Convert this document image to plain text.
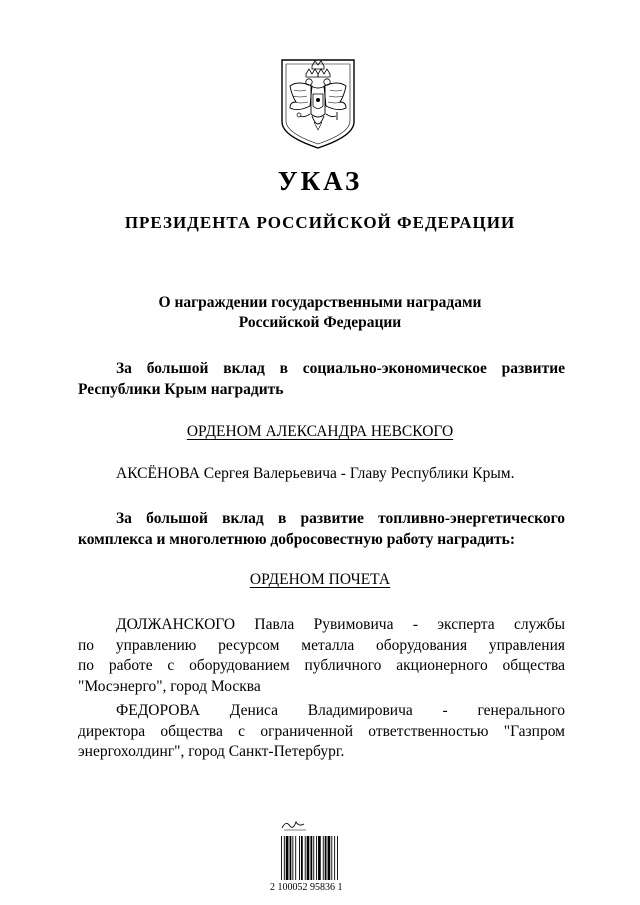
УКАЗ
ПРЕЗИДЕНТА РОССИЙСКОЙ ФЕДЕРАЦИИ
О награждении государственными наградами
Российской Федерации
За большой вклад в социально-экономическое развитие
Республики Крым наградить
ОРДЕНОМ АЛЕКСАНДРА НЕВСКОГО
АКСЁНОВА Сергея Валерьевича - Главу Республики Крым.
За большой вклад в развитие топливно-энергетического
комплекса и многолетнюю добросовестную работу наградить:
ОРДЕНОМ ПОЧЕТА
ДОЛЖАНСКОГО Павла Рувимовича - эксперта службы
по управлению ресурсом металла оборудования управления
по работе с оборудованием публичного акционерного общества
"Мосэнерго", город Москва
ФЕДОРОВА Дениса Владимировича - генерального
директора общества с ограниченной ответственностью "Газпром
энергохолдинг", город Санкт-Петербург.
2 100052 95836 1
